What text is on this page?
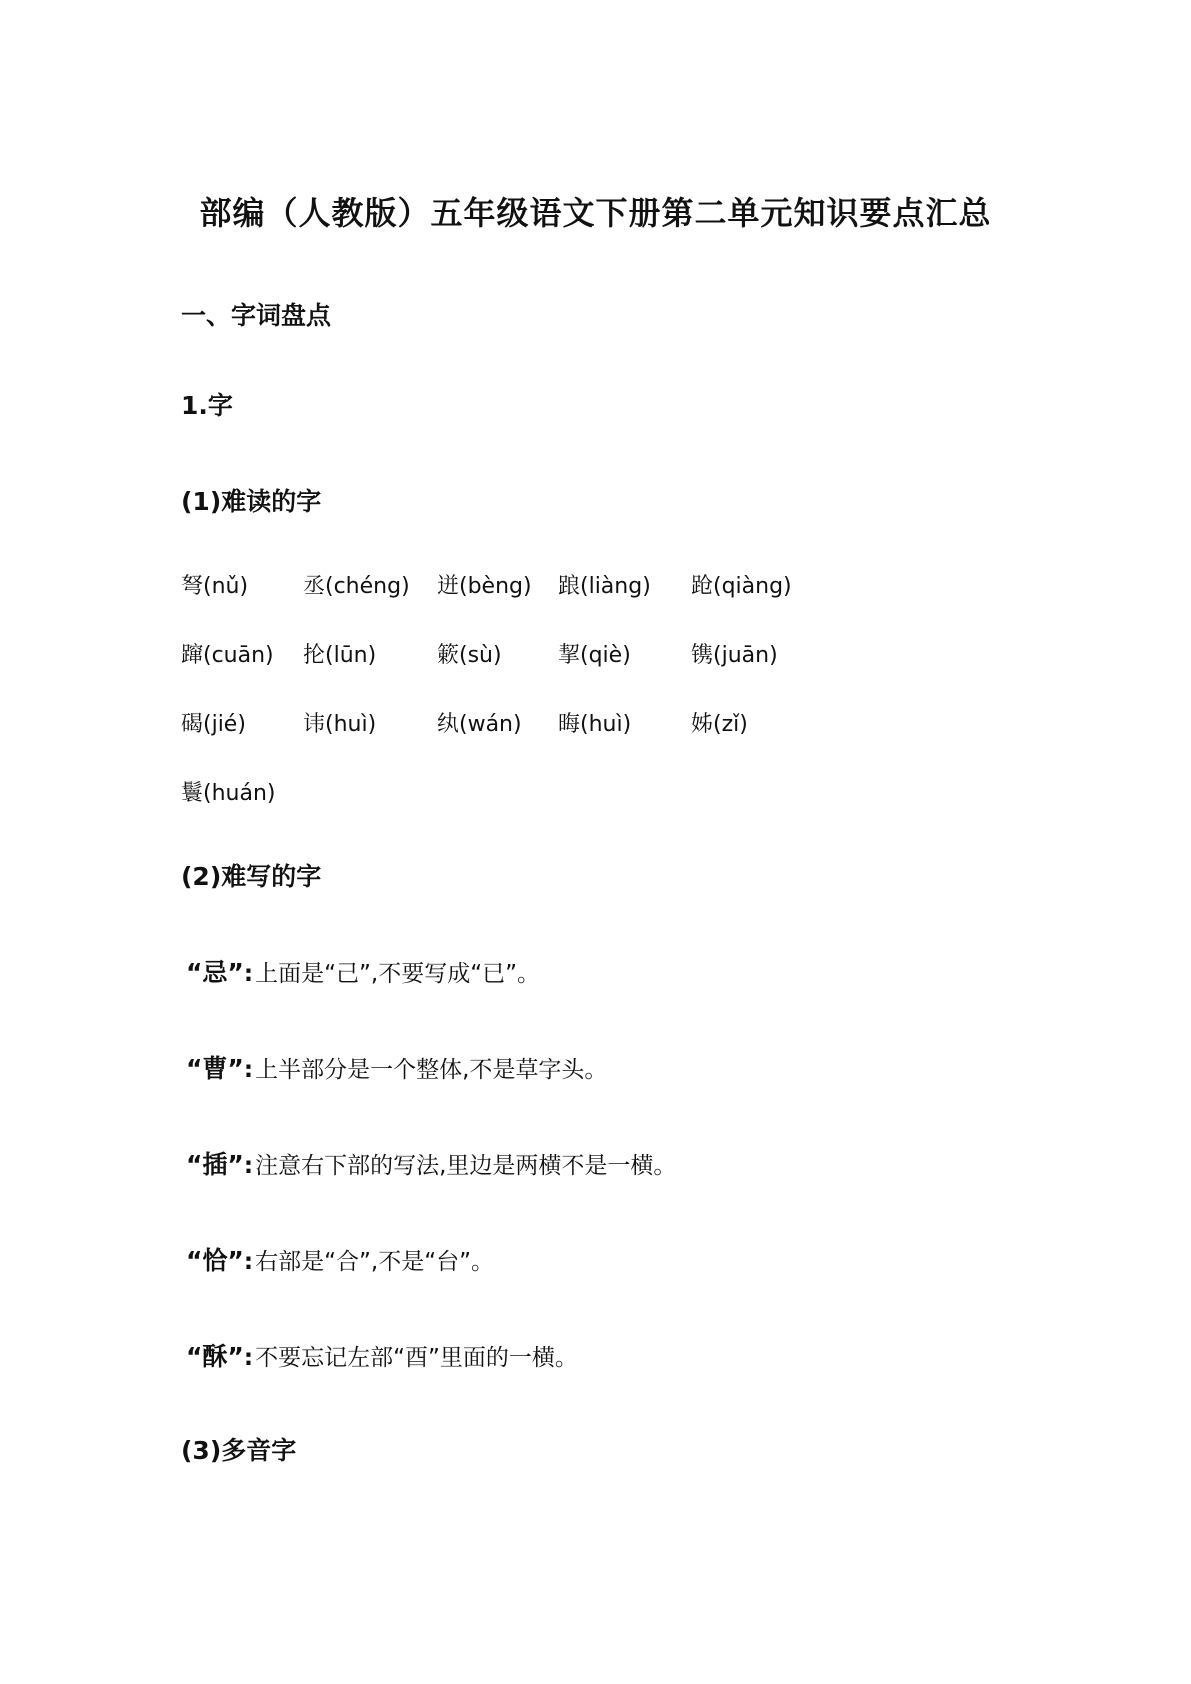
部编（人教版）五年级语文下册第二单元知识要点汇总
一、字词盘点
1.字
(1)难读的字
弩(nǔ) 丞(chéng) 迸(bèng) 踉(liàng) 跄(qiàng)
蹿(cuān) 抡(lūn)	簌(sù)	挈(qiè)	镌(juān)
碣(jié)	讳(huì)	纨(wán) 晦(huì)	姊(zǐ)
鬟(huán)
(2)难写的字
“忌”:上面是“己”,不要写成“已”。
“曹”:上半部分是一个整体,不是草字头。
“插”:注意右下部的写法,里边是两横不是一横。
“恰”:右部是“合”,不是“台”。
“酥”:不要忘记左部“酉”里面的一横。
(3)多音字
